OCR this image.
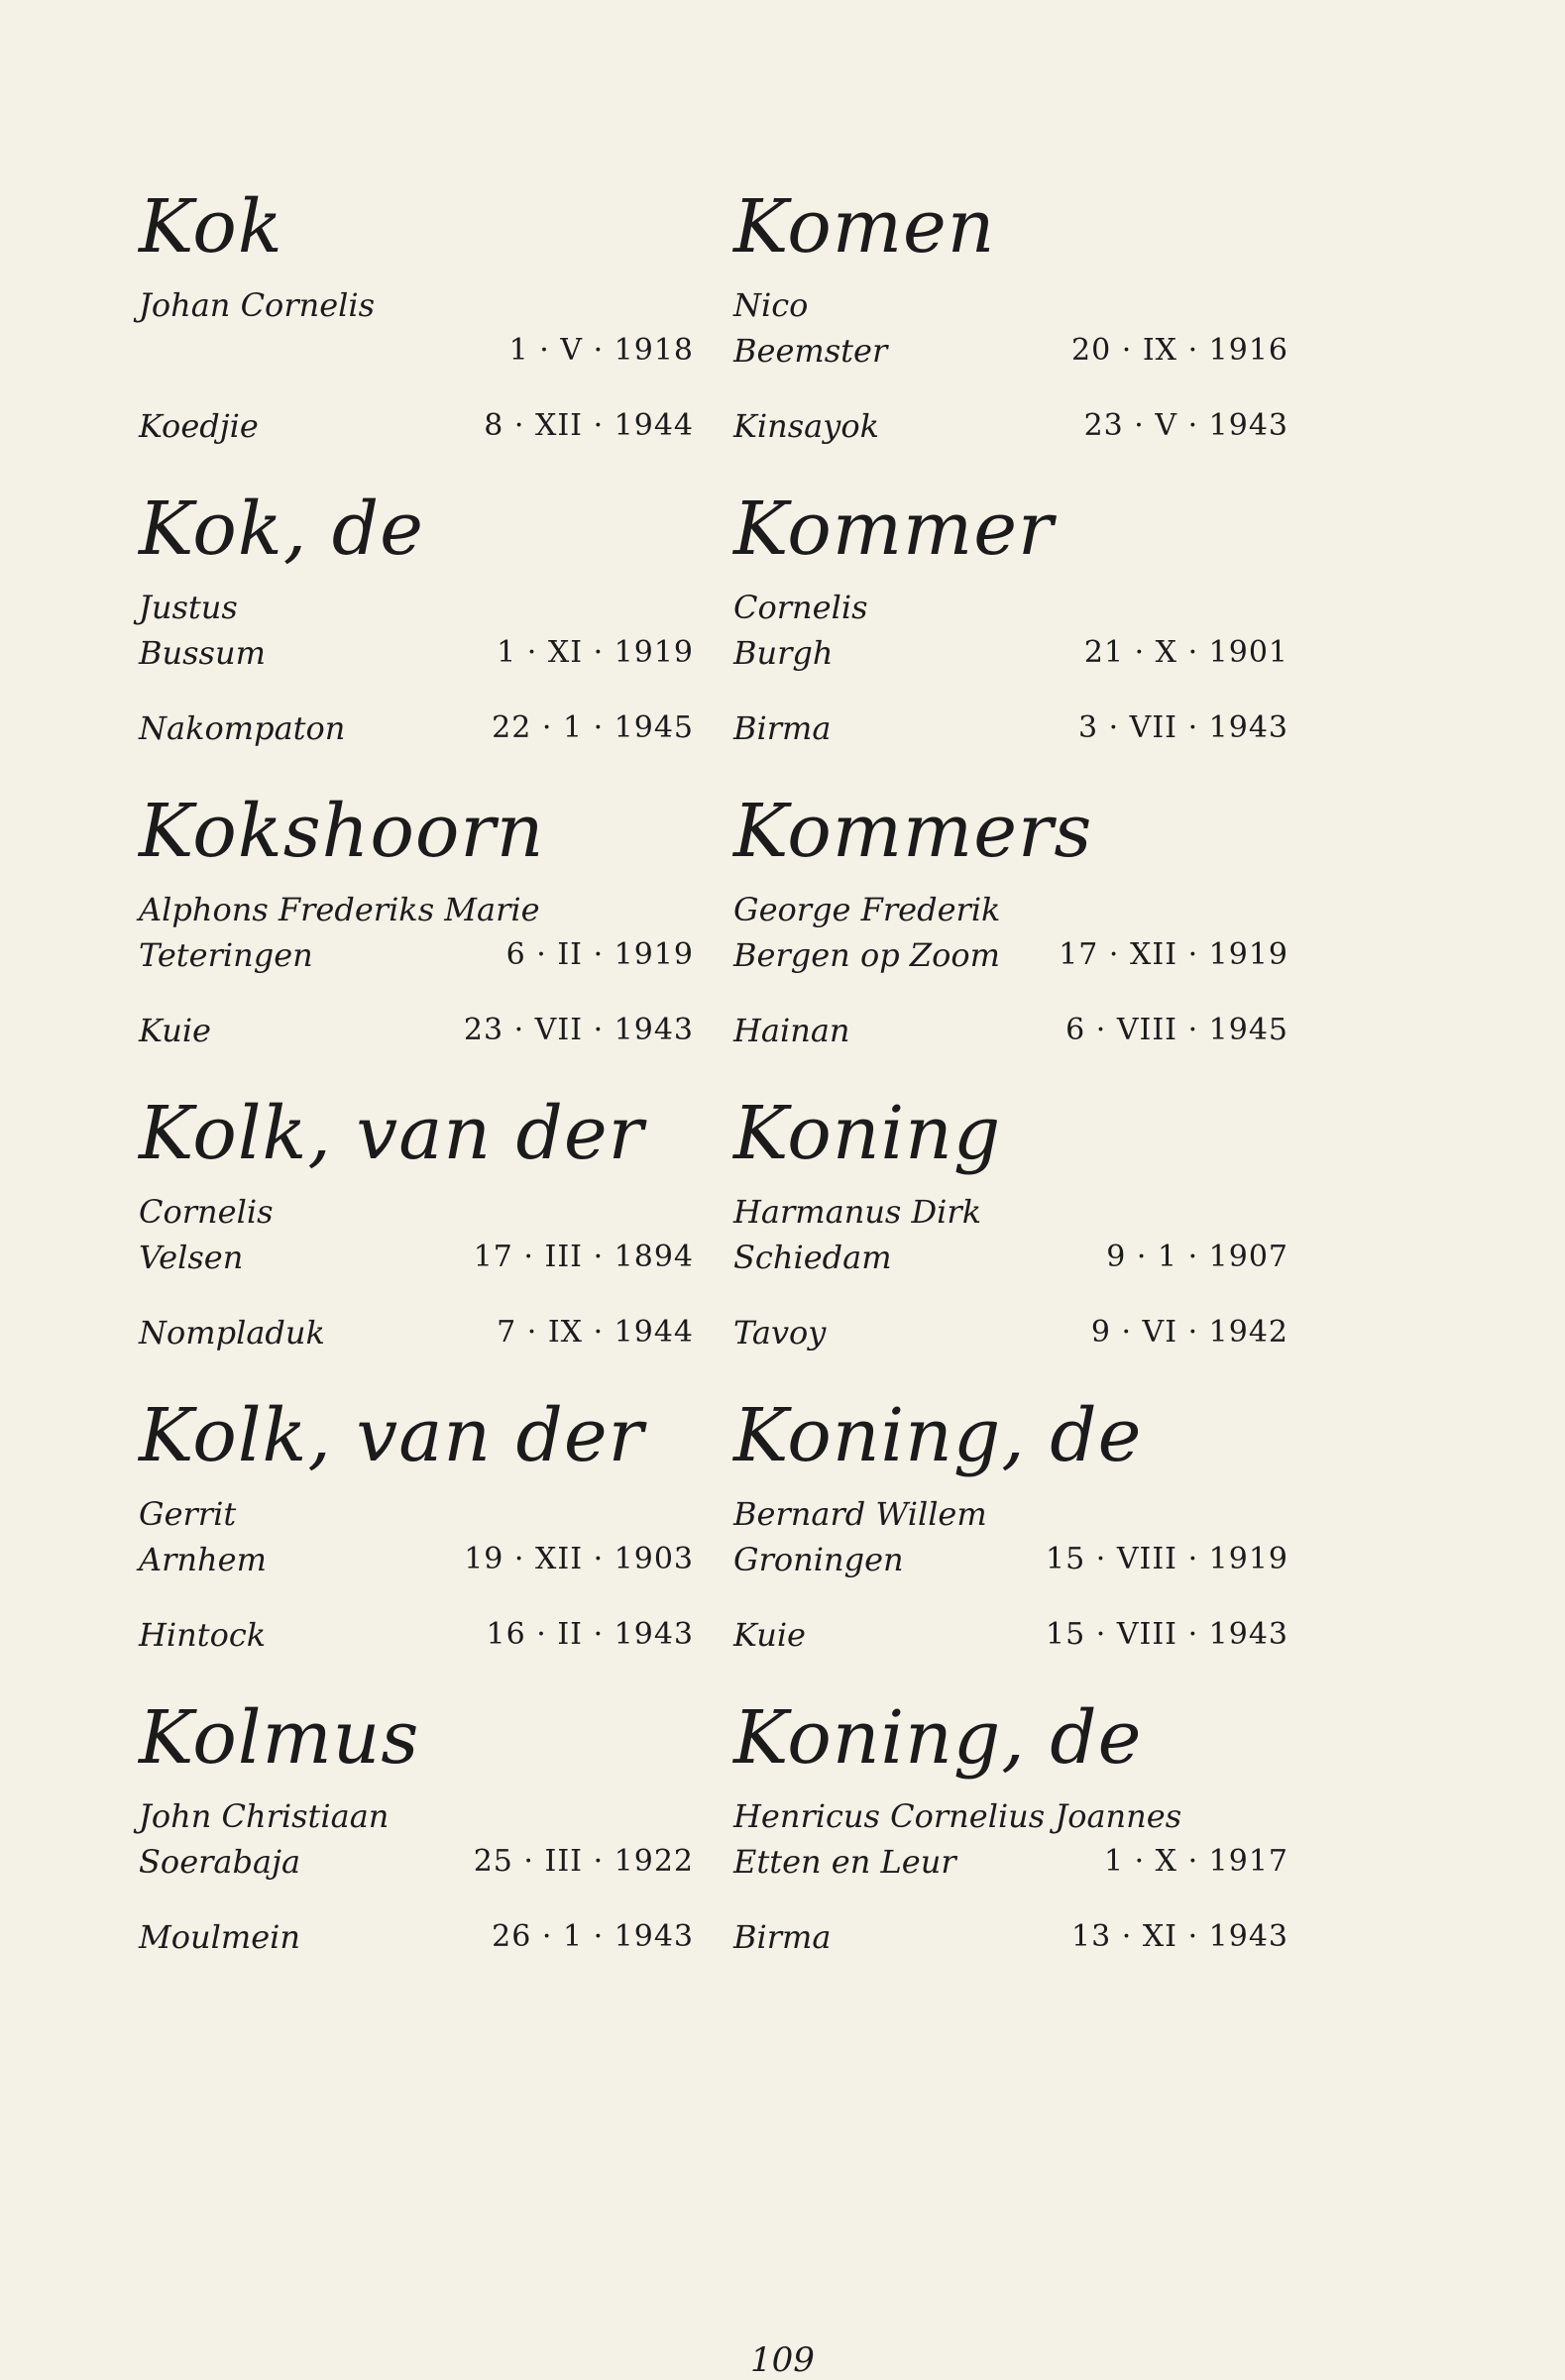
Kok
Johan Cornelis
1 · V · 1918
Koedjie	8 · XII · 1944
Kok, de
Justus
Bussum	1 · XI · 1919
Nakompaton	22 · 1 · 1945
Kokshoorn
Alphons Frederiks Marie
Teteringen	6 · II · 1919
Kuie	23 · VII · 1943
Kolk, van der
Cornelis
Velsen	17 · III · 1894
Nompladuk	7 · IX · 1944
Kolk, van der
Gerrit
Arnhem	19 · XII · 1903
Hintock	16 · II · 1943
Kolmus
John Christiaan
Soerabaja	25 · III · 1922
Moulmein	26 · 1 · 1943
Komen
Nico
Beemster	20 · IX · 1916
Kinsayok	23 · V · 1943
Kommer
Cornelis
Burgh	21 · X · 1901
Birma	3 · VII · 1943
Kommers
George Frederik
Bergen op Zoom 17 · XII · 1919
Hainan	6 · VIII · 1945
Koning
Harmanus Dirk
Schiedam	9 · 1 · 1907
Tavoy	9 · VI · 1942
Koning, de
Bernard Willem
Groningen	15 · VIII · 1919
Kuie	15 · VIII · 1943
Koning, de
Henricus Cornelius Joannes
Etten en Leur	1 · X · 1917
Birma	13 · XI · 1943
109
